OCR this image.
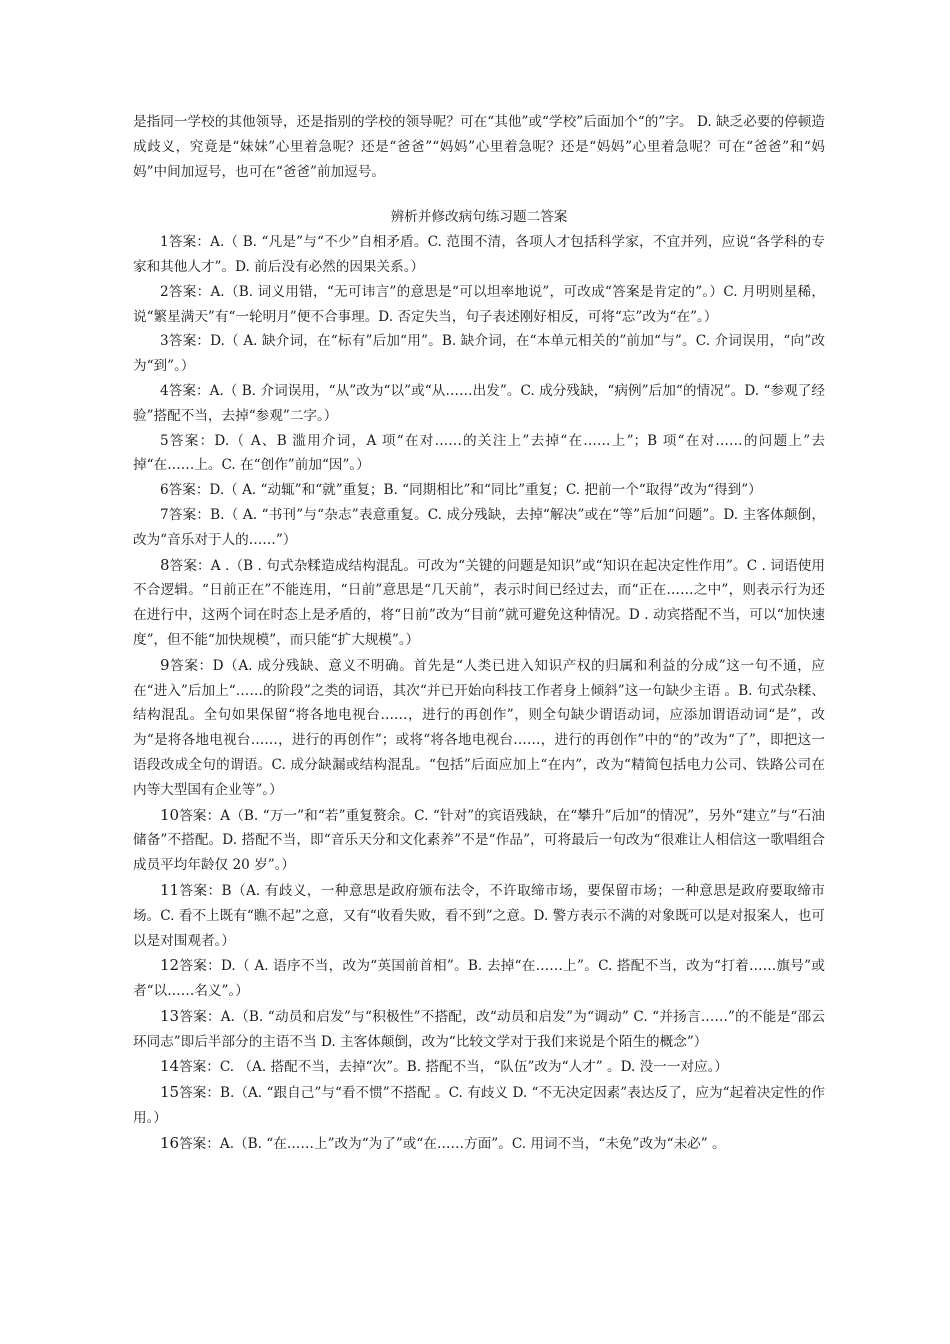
是指同一学校的其他领导，还是指别的学校的领导呢？可在“其他”或“学校”后面加个“的”字。 D. 缺乏必要的停顿造成歧义，究竟是“妹妹”心里着急呢？还是“爸爸”“妈妈”心里着急呢？还是“妈妈”心里着急呢？可在“爸爸”和“妈妈”中间加逗号，也可在“爸爸”前加逗号。

辨析并修改病句练习题二答案

1答案：A.（ B. “凡是”与“不少”自相矛盾。C. 范围不清，各项人才包括科学家，不宜并列，应说“各学科的专家和其他人才”。D. 前后没有必然的因果关系。）

2答案：A.（B. 词义用错，“无可讳言”的意思是“可以坦率地说”，可改成“答案是肯定的”。）C. 月明则星稀，说“繁星满天”有“一轮明月”便不合事理。D. 否定失当，句子表述刚好相反，可将“忘”改为“在”。）

3答案：D.（ A. 缺介词，在“标有”后加“用”。B. 缺介词，在“本单元相关的”前加“与”。C. 介词误用，“向”改为“到”。）

4答案：A.（ B. 介词误用，“从”改为“以”或“从……出发”。C. 成分残缺，“病例”后加“的情况”。D. “参观了经验”搭配不当，去掉“参观”二字。）

5答案：D.（ A、B 滥用介词，A 项“在对……的关注上”去掉“在……上”；B 项“在对……的问题上”去掉“在……上。C. 在“创作”前加“因”。）

6答案：D.（ A. “动辄”和“就”重复；B. “同期相比”和“同比”重复；C. 把前一个“取得”改为“得到”）

7答案：B.（ A. “书刊”与“杂志”表意重复。C. 成分残缺，去掉“解决”或在“等”后加“问题”。D. 主客体颠倒，改为“音乐对于人的……”）

8答案：A .（B . 句式杂糅造成结构混乱。可改为“关键的问题是知识”或“知识在起决定性作用”。C . 词语使用不合逻辑。“日前正在”不能连用，“日前”意思是“几天前”，表示时间已经过去，而“正在……之中”，则表示行为还在进行中，这两个词在时态上是矛盾的，将“日前”改为“目前”就可避免这种情况。D . 动宾搭配不当，可以“加快速度”，但不能“加快规模”，而只能“扩大规模”。）

9答案：D（A. 成分残缺、意义不明确。首先是“人类已进入知识产权的归属和利益的分成”这一句不通，应在“进入”后加上“……的阶段”之类的词语，其次“并已开始向科技工作者身上倾斜”这一句缺少主语 。B. 句式杂糅、结构混乱。全句如果保留“将各地电视台……，进行的再创作”，则全句缺少谓语动词，应添加谓语动词“是”，改为“是将各地电视台……，进行的再创作”；或将“将各地电视台……，进行的再创作”中的“的”改为“了”，即把这一语段改成全句的谓语。C. 成分缺漏或结构混乱。“包括”后面应加上“在内”，改为“精简包括电力公司、铁路公司在内等大型国有企业等”。）

10答案：A（B. “万一”和“若”重复赘余。C. “针对”的宾语残缺，在“攀升”后加“的情况”，另外“建立”与“石油储备”不搭配。D. 搭配不当，即“音乐天分和文化素养”不是“作品”，可将最后一句改为“很难让人相信这一歌唱组合成员平均年龄仅 20 岁”。）

11答案：B（A. 有歧义，一种意思是政府颁布法令，不许取缔市场，要保留市场；一种意思是政府要取缔市场。C. 看不上既有“瞧不起”之意，又有“收看失败，看不到”之意。D. 警方表示不满的对象既可以是对报案人，也可以是对围观者。）

12答案：D.（ A. 语序不当，改为“英国前首相”。B. 去掉“在……上”。C. 搭配不当，改为“打着……旗号”或者“以……名义”。）

13答案：A.（B. “动员和启发”与“积极性”不搭配，改“动员和启发”为“调动” C. “并扬言……”的不能是“邵云环同志”即后半部分的主语不当 D. 主客体颠倒，改为“比较文学对于我们来说是个陌生的概念”）

14答案：C. （A. 搭配不当，去掉“次”。B. 搭配不当，“队伍”改为“人才” 。D. 没一一对应。）

15答案：B.（A. “跟自己”与“看不惯”不搭配 。C. 有歧义 D. “不无决定因素”表达反了，应为“起着决定性的作用。）

16答案：A.（B. “在……上”改为“为了”或“在……方面”。C. 用词不当，“未免”改为“未必” 。
